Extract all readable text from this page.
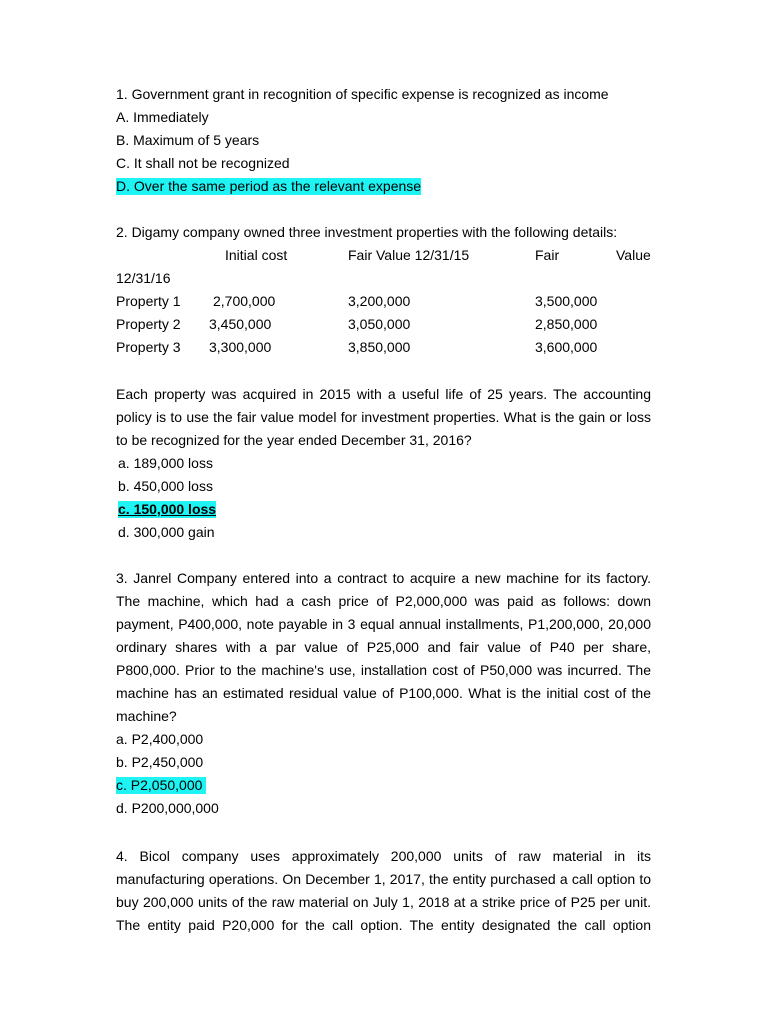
1. Government grant in recognition of specific expense is recognized as income
A. Immediately
B. Maximum of 5 years
C. It shall not be recognized
D. Over the same period as the relevant expense
2. Digamy company owned three investment properties with the following details:
Initial cost	Fair Value 12/31/15	Fair	Value
12/31/16
Property 1 2,700,000	3,200,000	3,500,000
Property 2 3,450,000	3,050,000	2,850,000
Property 3 3,300,000	3,850,000	3,600,000

Each property was acquired in 2015 with a useful life of 25 years. The accounting policy is to use the fair value model for investment properties. What is the gain or loss to be recognized for the year ended December 31, 2016?

a. 189,000 loss
b. 450,000 loss
c. 150,000 loss
d. 300,000 gain

3. Janrel Company entered into a contract to acquire a new machine for its factory. The machine, which had a cash price of P2,000,000 was paid as follows: down payment, P400,000, note payable in 3 equal annual installments, P1,200,000, 20,000 ordinary shares with a par value of P25,000 and fair value of P40 per share, P800,000. Prior to the machine's use, installation cost of P50,000 was incurred. The machine has an estimated residual value of P100,000. What is the initial cost of the machine?

a. P2,400,000
b. P2,450,000
c. P2,050,000
d. P200,000,000

4. Bicol company uses approximately 200,000 units of raw material in its manufacturing operations. On December 1, 2017, the entity purchased a call option to buy 200,000 units of the raw material on July 1, 2018 at a strike price of P25 per unit. The entity paid P20,000 for the call option. The entity designated the call option
